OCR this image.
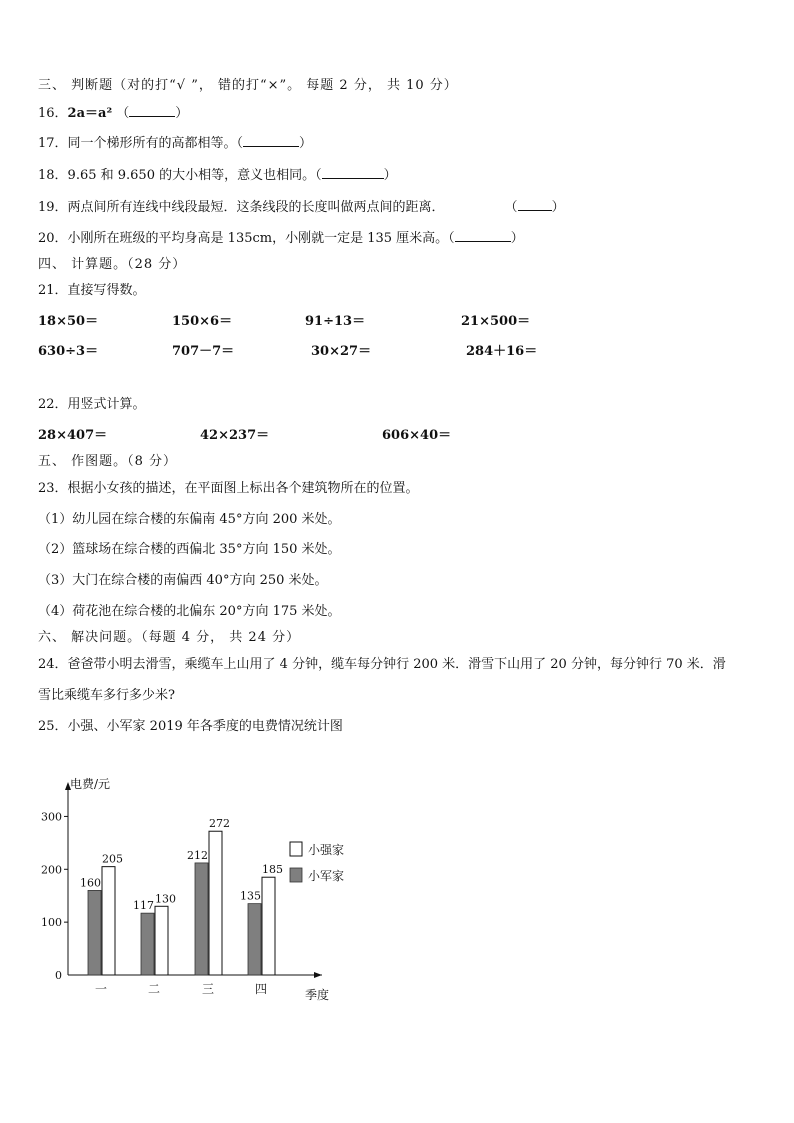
三、 判断题（对的打“√ ”， 错的打“×”。 每题 2 分， 共 10 分）
16．2a＝a² （	）
17．同一个梯形所有的高都相等。（	）
18．9.65 和 9.650 的大小相等，意义也相同。（	）
19．两点间所有连线中线段最短．这条线段的长度叫做两点间的距离．	（	）
20．小刚所在班级的平均身高是 135cm，小刚就一定是 135 厘米高。（	）
四、 计算题。（28 分）
21．直接写得数。
18×50＝	150×6＝	91÷13＝	21×500＝
630÷3＝	707－7＝	30×27＝	284＋16＝
22．用竖式计算。
28×407＝	42×237＝	606×40＝
五、 作图题。（8 分）
23．根据小女孩的描述，在平面图上标出各个建筑物所在的位置。
（1）幼儿园在综合楼的东偏南 45°方向 200 米处。
（2）篮球场在综合楼的西偏北 35°方向 150 米处。
（3）大门在综合楼的南偏西 40°方向 250 米处。
（4）荷花池在综合楼的北偏东 20°方向 175 米处。
六、 解决问题。（每题 4 分， 共 24 分）
24．爸爸带小明去滑雪，乘缆车上山用了 4 分钟，缆车每分钟行 200 米．滑雪下山用了 20 分钟，每分钟行 70 米．滑
雪比乘缆车多行多少米?
25．小强、小军家 2019 年各季度的电费情况统计图
0
100
200
300
电费/元
季度
160
205
一
117
130
二
212
272
三
135
185
四
小强家
小军家
